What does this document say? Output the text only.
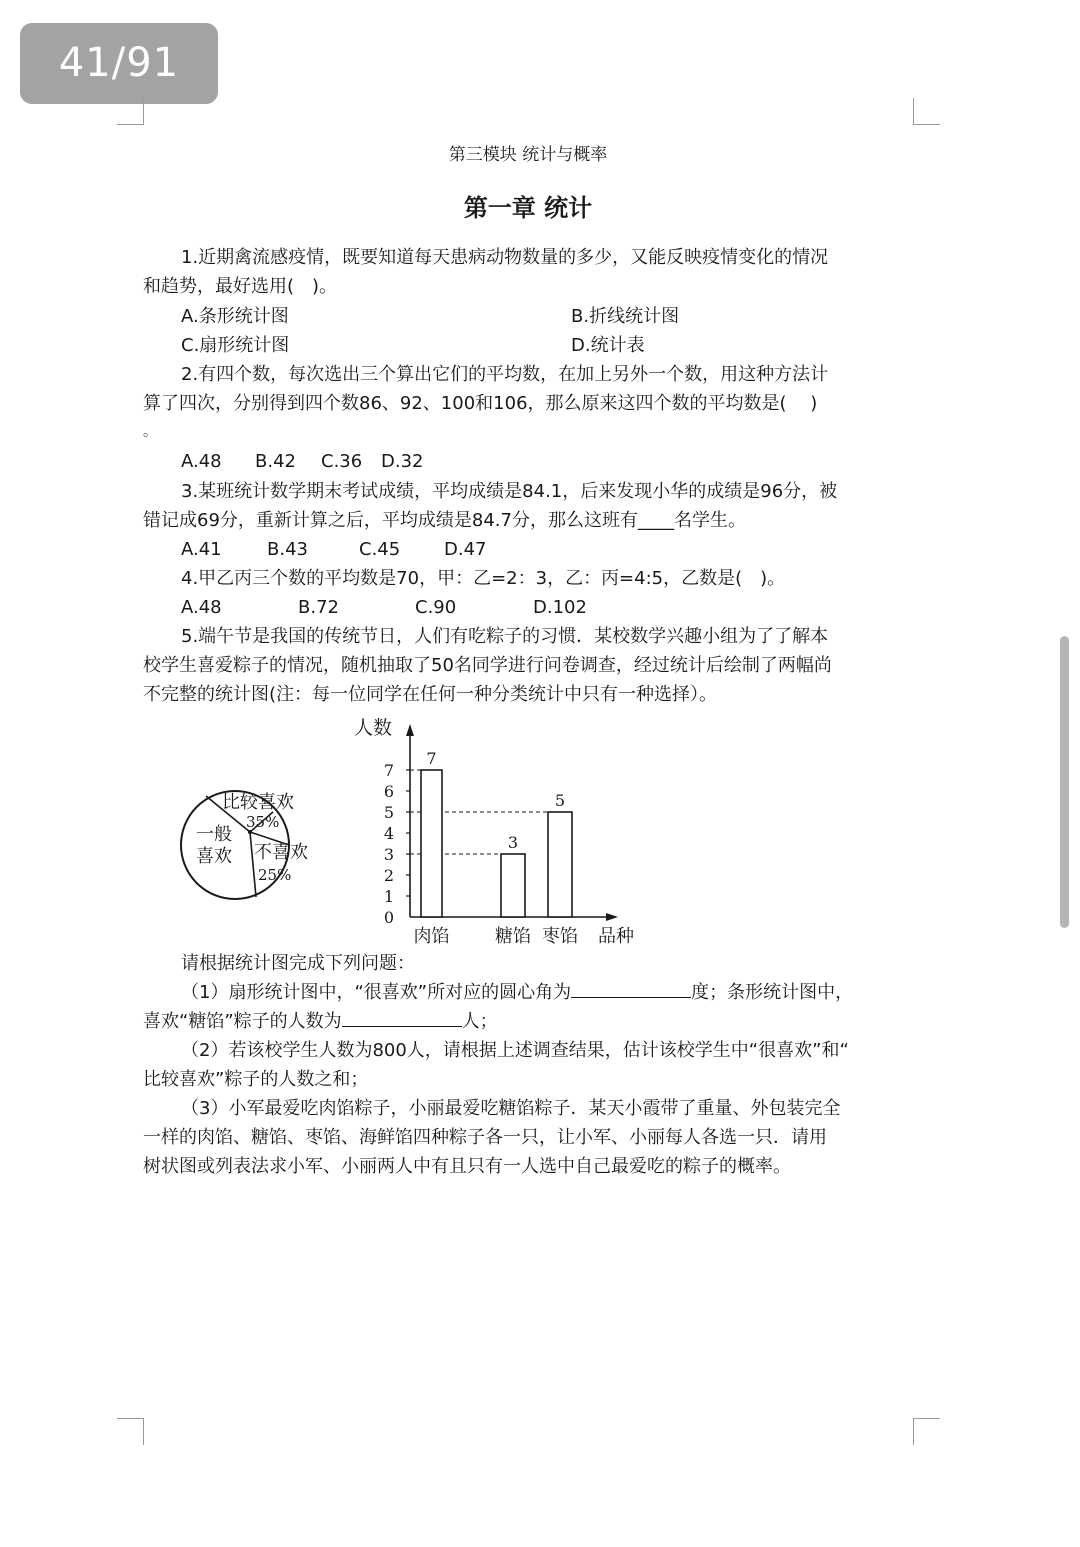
41/91
第三模块 统计与概率
第一章 统计
1.近期禽流感疫情，既要知道每天患病动物数量的多少，又能反映疫情变化的情况
和趋势，最好选用(　)。
A.条形统计图	B.折线统计图
C.扇形统计图	D.统计表
2.有四个数，每次选出三个算出它们的平均数，在加上另外一个数，用这种方法计
算了四次，分别得到四个数86、92、100和106，那么原来这四个数的平均数是(　 )
。
A.48 B.42 C.36 D.32
3.某班统计数学期末考试成绩，平均成绩是84.1，后来发现小华的成绩是96分，被
错记成69分，重新计算之后，平均成绩是84.7分，那么这班有____名学生。
A.41	B.43	C.45 D.47
4.甲乙丙三个数的平均数是70，甲：乙=2：3，乙：丙=4:5，乙数是(　)。
A.48	B.72	C.90	D.102
5.端午节是我国的传统节日，人们有吃粽子的习惯．某校数学兴趣小组为了了解本
校学生喜爱粽子的情况，随机抽取了50名同学进行问卷调查，经过统计后绘制了两幅尚
不完整的统计图(注：每一位同学在任何一种分类统计中只有一种选择）。
请根据统计图完成下列问题：
（1）扇形统计图中，“很喜欢”所对应的圆心角为	度；条形统计图中，
喜欢“糖馅”粽子的人数为	人；
（2）若该校学生人数为800人，请根据上述调查结果，估计该校学生中“很喜欢”和“
比较喜欢”粽子的人数之和；
（3）小军最爱吃肉馅粽子，小丽最爱吃糖馅粽子．某天小霞带了重量、外包装完全
一样的肉馅、糖馅、枣馅、海鲜馅四种粽子各一只，让小军、小丽每人各选一只．请用
树状图或列表法求小军、小丽两人中有且只有一人选中自己最爱吃的粽子的概率。
比较喜欢
35%
不喜欢
25%
一般
喜欢
人数
品种
0
1
2
3
4
5
6
7
7
肉馅
3
糖馅
5
枣馅
